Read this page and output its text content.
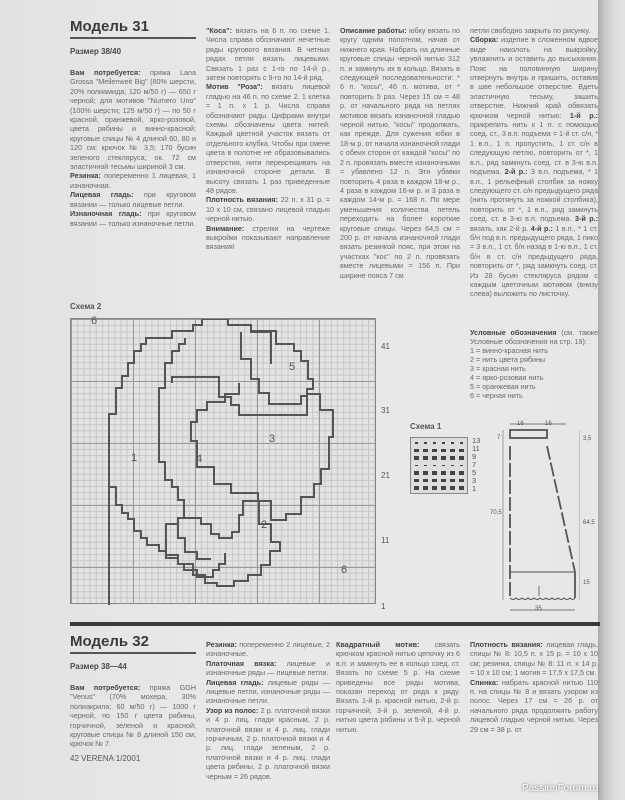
Модель 31
Размер 38/40

Вам потребуется: пряжа Lana Grossa "Meilenweit Big" (80% шерсти, 20% полиамида; 120 м/50 г) — 650 г черной; для мотивов "Numero Uno" (100% шерсти; 125 м/50 г) — по 50 г красной, оранжевой, ярко-розовой, цвета рябины и винно-красной; круговые спицы № 4 длиной 60, 80 и 120 см; крючок № 3,5; 170 бусин зеленого стекляруса; ок. 72 см эластичной тесьмы шириной 3 см.

Резинка: попеременно 1 лицевая, 1 изнаночная.

Лицевая гладь: при круговом вязании — только лицевые петли.

Изнаночная гладь: при круговом вязании — только изнаночные петли.

"Коса": вязать на 6 п. по схеме 1. Числа справа обозначают нечетные ряды кругового вязания. В четных рядах петли вязать лицевыми. Связать 1 раз с 1-го по 14-й р., затем повторять с 9-го по 14-й ряд.

Мотив "Роза": вязать лицевой гладью на 46 п. по схеме 2. 1 клетка = 1 п. х 1 р. Числа справа обозначают ряды. Цифрами внутри схемы обозначены цвета нитей. Каждый цветной участок вязать от отдельного клубка. Чтобы при смене цвета в полотне не образовывались отверстия, нити перекрещивать на изнаночной стороне детали. В высоту связать 1 раз приведенные 48 рядов.

Плотность вязания: 22 п. х 31 р. = 10 х 10 см, связано лицевой гладью черной нитью.

Внимание: стрелки на чертеже выкройки показывают направление вязания!

Описание работы: юбку вязать по кругу одним полотном, начав от нижнего края. Набрать на длинные круговые спицы черной нитью 312 п. и замкнуть их в кольцо. Вязать в следующей последовательности: * 6 п. "косы", 46 п. мотива, от * повторить 5 раз. Через 15 см = 48 р. от начального ряда на петлях мотивов вязать изнаночной гладью черной нитью, "косы" продолжать, как прежде. Для сужения юбки в 18-м р. от начала изнаночной глади с обеих сторон от каждой "косы" по 2 п. провязать вместе изнаночными = убавлено 12 п. Эти убавки повторить 4 раза в каждом 18-м р., 4 раза в каждом 16-м р. и 3 раза в каждом 14-м р. = 168 п. По мере уменьшения количества петель переходить на более короткие круговые спицы. Через 64,5 см = 200 р. от начала изнаночной глади вязать резинкой пояс, при этом на участках "кос" по 2 п. провязать вместе лицевыми = 156 п. При ширине пояса 7 см

петли свободно закрыть по рисунку.

Сборка: изделие в сложенном вдвое виде наколоть на выкройку, увлажнить и оставить до высыхания. Пояс на половинную ширину отвернуть внутрь и пришить, оставив в шве небольшое отверстие. Вдеть эластичную тесьму, зашить отверстие. Нижний край обвязать крючком черной нитью: 1-й р.: прикрепить нить к 1 п. с помощью соед. ст., 3 в.п. подъема = 1-й ст. с/н, * 1 в.п., 1 п. пропустить, 1 ст. с/н в следующую петлю, повторить от *, 1 в.п., ряд замкнуть соед. ст. в 3-ю в.п. подъема. 2-й р.: 3 в.п. подъема, * 1 в.п., 1 рельефный столбик за ножку следующего ст. с/н предыдущего ряда (нить протянуть за ножкой столбика), повторить от *, 1 в.п., ряд замкнуть соед. ст. в 3-ю в.п. подъема. 3-й р.: вязать, как 2-й р. 4-й р.: 1 в.п., * 1 ст. б/н под в.п. предыдущего ряда, 1 пико = 3 в.п., 1 ст. б/н назад в 1-ю в.п., 1 ст. б/н в ст. с/н предыдущего ряда, повторить от *, ряд замкнуть соед. ст. Из 28 бусин стекляруса рядом с каждым цветочным мотивом (внизу слева) выложить по листочку.

Условные обозначения (см. также Условные обозначения на стр. 19):

1 = винно-красная нить

2 = нить цвета рябины

3 = красная нить

4 = ярко-розовая нить

5 = оранжевая нить

6 = черная нить

Схема 2
6
5
1	4
3
2
6
41
31
21
11
1
Схема 1
13
11
9
7
5
3
1
16	16
7
70,5
3,5
64,5
15
35
Модель 32
Размер 38—44

Вам потребуется: пряжа GGH "Venus" (70% мохера, 30% полиакрила; 60 м/50 г) — 1000 г черной, по 150 г цвета рябины, горчичной, зеленой и красной; круговые спицы № 8 длиной 150 см; крючок № 7.

42 VERENA 1/2001

Резинка: попеременно 2 лицевые, 2 изнаночные.

Платочная вязка: лицевые и изнаночные ряды — лицевые петли.

Лицевая гладь: лицевые ряды — лицевые петли, изнаночные ряды — изнаночные петли.

Узор из полос: 2 р. платочной вязки и 4 р. лиц. глади красным, 2 р. платочной вязки и 4 р. лиц. глади горчичным, 2 р. платочной вязки и 4 р. лиц. глади зеленым, 2 р. платочной вязки и 4 р. лиц. глади цвета рябины, 2 р. платочной вязки черным = 26 рядов.

Квадратный мотив: связать крючком красной нитью цепочку из 6 в.п. и замкнуть ее в кольцо соед. ст. Вязать по схеме 5 р. На схеме приведены все ряды мотива, показан переход от ряда к ряду. Вязать 1-й р. красной нитью, 2-й р. горчичной, 3-й р. зеленой, 4-й р. нитью цвета рябины и 5-й р. черной нитью.

Плотность вязания: лицевая гладь, спицы № 8: 10,5 п. х 15 р. = 10 х 10 см; резинка, спицы № 8: 11 п. х 14 р. = 10 х 10 см; 1 мотив = 17,5 х 17,5 см.

Спинка: набрать красной нитью 110 п. на спицы № 8 и вязать узором из полос. Через 17 см = 26 р. от начального ряда продолжить работу лицевой гладью черной нитью. Через 29 см = 38 р. от

PassionForum.ru
